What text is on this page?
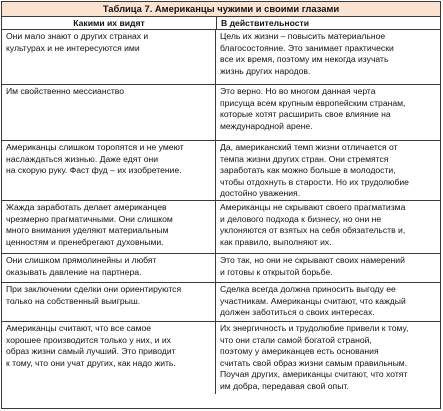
Таблица 7. Американцы чужими и своими глазами
Какими их видят	В действительности
Они мало знают о других странах и
культурах и не интересуются ими
Цель их жизни – повысить материальное
благосостояние. Это занимает практически
все их время, поэтому им некогда изучать
жизнь других народов.
Им свойственно мессианство	Это верно. Но во многом данная черта
присуща всем крупным европейским странам,
которые хотят расширить свое влияние на
международной арене.
Американцы слишком торопятся и не умеют
наслаждаться жизнью. Даже едят они
на скорую руку. Фаст фуд – их изобретение.
Да, американский темп жизни отличается от
темпа жизни других стран. Они стремятся
заработать как можно больше в молодости,
чтобы отдохнуть в старости. Но их трудолюбие
достойно уважения.
Жажда заработать делает американцев
чрезмерно прагматичными. Они слишком
много внимания уделяют материальным
ценностям и пренебрегают духовными.
Американцы не скрывают своего прагматизма
и делового подхода к бизнесу, но они не
уклоняются от взятых на себя обязательств и,
как правило, выполняют их.
Они слишком прямолинейны и любят
оказывать давление на партнера.
Это так, но они не скрывают своих намерений
и готовы к открытой борьбе.
При заключении сделки они ориентируются
только на собственный выигрыш.
Сделка всегда должна приносить выгоду ее
участникам. Американцы считают, что каждый
должен заботиться о своих интересах.
Американцы считают, что все самое
хорошее производится только у них, и их
образ жизни самый лучший. Это приводит
к тому, что они учат других, как надо жить.
Их энергичность и трудолюбие привели к тому,
что они стали самой богатой страной,
поэтому у американцев есть основания
считать свой образ жизни самым правильным.
Поучая других, американцы считают, что хотят
им добра, передавая свой опыт.
